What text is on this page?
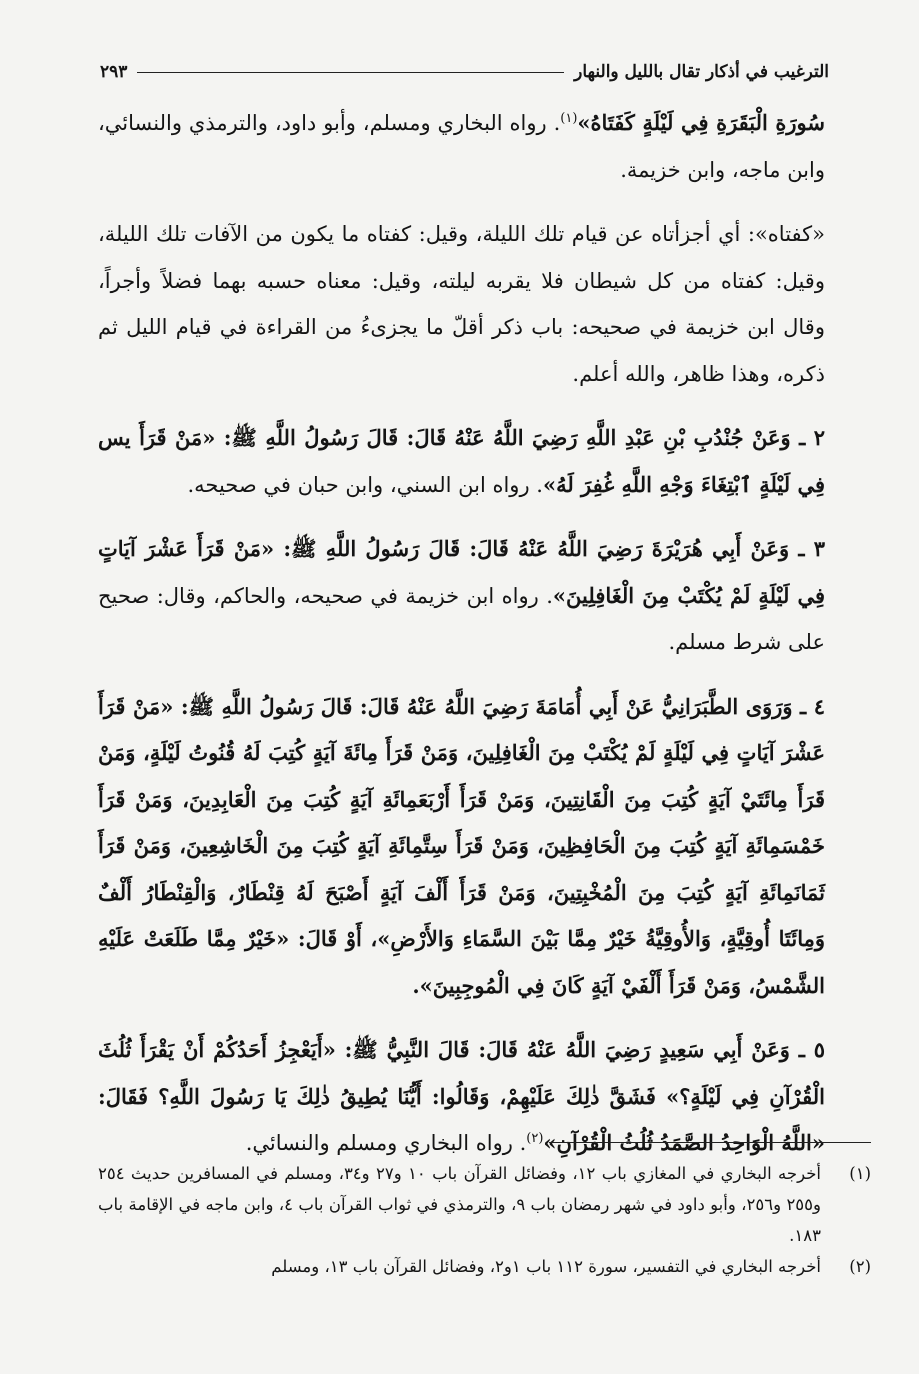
الترغيب في أذكار تقال بالليل والنهار
٢٩٣

سُورَةِ الْبَقَرَةِ فِي لَيْلَةٍ كَفَتَاهُ»$^{(١)}$. رواه البخاري ومسلم، وأبو داود، والترمذي والنسائي، وابن ماجه، وابن خزيمة.

«كفتاه»: أي أجزأتاه عن قيام تلك الليلة، وقيل: كفتاه ما يكون من الآفات تلك الليلة، وقيل: كفتاه من كل شيطان فلا يقربه ليلته، وقيل: معناه حسبه بهما فضلاً وأجراً، وقال ابن خزيمة في صحيحه: باب ذكر أقلّ ما يجزىءُ من القراءة في قيام الليل ثم ذكره، وهذا ظاهر، والله أعلم.

٢ ـ وَعَنْ جُنْدُبِ بْنِ عَبْدِ اللَّهِ رَضِيَ اللَّهُ عَنْهُ قَالَ: قَالَ رَسُولُ اللَّهِ ﷺ: «مَنْ قَرَأَ يس فِي لَيْلَةٍ ٱبْتِغَاءَ وَجْهِ اللَّهِ غُفِرَ لَهُ». رواه ابن السني، وابن حبان في صحيحه.

٣ ـ وَعَنْ أَبِي هُرَيْرَةَ رَضِيَ اللَّهُ عَنْهُ قَالَ: قَالَ رَسُولُ اللَّهِ ﷺ: «مَنْ قَرَأَ عَشْرَ آيَاتٍ فِي لَيْلَةٍ لَمْ يُكْتَبْ مِنَ الْغَافِلِينَ». رواه ابن خزيمة في صحيحه، والحاكم، وقال: صحيح على شرط مسلم.

٤ ـ وَرَوَى الطَّبَرَانِيُّ عَنْ أَبِي أُمَامَةَ رَضِيَ اللَّهُ عَنْهُ قَالَ: قَالَ رَسُولُ اللَّهِ ﷺ: «مَنْ قَرَأَ عَشْرَ آيَاتٍ فِي لَيْلَةٍ لَمْ يُكْتَبْ مِنَ الْغَافِلِينَ، وَمَنْ قَرَأَ مِائَةَ آيَةٍ كُتِبَ لَهُ قُنُوتُ لَيْلَةٍ، وَمَنْ قَرَأَ مِائَتَيْ آيَةٍ كُتِبَ مِنَ الْقَانِتِينَ، وَمَنْ قَرَأَ أَرْبَعَمِائَةِ آيَةٍ كُتِبَ مِنَ الْعَابِدِينَ، وَمَنْ قَرَأَ خَمْسَمِائَةِ آيَةٍ كُتِبَ مِنَ الْحَافِظِينَ، وَمَنْ قَرَأَ سِتَّمِائَةِ آيَةٍ كُتِبَ مِنَ الْخَاشِعِينَ، وَمَنْ قَرَأَ ثَمَانَمِائَةِ آيَةٍ كُتِبَ مِنَ الْمُخْبِتِينَ، وَمَنْ قَرَأَ أَلْفَ آيَةٍ أَصْبَحَ لَهُ قِنْطَارٌ، وَالْقِنْطَارُ أَلْفٌ وَمِائَتَا أُوقِيَّةٍ، وَالأُوقِيَّةُ خَيْرٌ مِمَّا بَيْنَ السَّمَاءِ وَالأَرْضِ»، أَوْ قَالَ: «خَيْرٌ مِمَّا طَلَعَتْ عَلَيْهِ الشَّمْسُ، وَمَنْ قَرَأَ أَلْفَيْ آيَةٍ كَانَ فِي الْمُوجِبِينَ».

٥ ـ وَعَنْ أَبِي سَعِيدٍ رَضِيَ اللَّهُ عَنْهُ قَالَ: قَالَ النَّبِيُّ ﷺ: «أَيَعْجِزُ أَحَدُكُمْ أَنْ يَقْرَأَ ثُلُثَ الْقُرْآنِ فِي لَيْلَةٍ؟» فَشَقَّ ذٰلِكَ عَلَيْهِمْ، وَقَالُوا: أَيُّنَا يُطِيقُ ذٰلِكَ يَا رَسُولَ اللَّهِ؟ فَقَالَ: «اللَّهُ الْوَاحِدُ الصَّمَدُ ثُلُثُ الْقُرْآنِ»$^{(٢)}$. رواه البخاري ومسلم والنسائي.

(١)
أخرجه البخاري في المغازي باب ١٢، وفضائل القرآن باب ١٠ و٢٧ و٣٤، ومسلم في المسافرين حديث ٢٥٤ و٢٥٥ و٢٥٦، وأبو داود في شهر رمضان باب ٩، والترمذي في ثواب القرآن باب ٤، وابن ماجه في الإقامة باب ١٨٣.
(٢)
أخرجه البخاري في التفسير، سورة ١١٢ باب ١و٢، وفضائل القرآن باب ١٣، ومسلم
